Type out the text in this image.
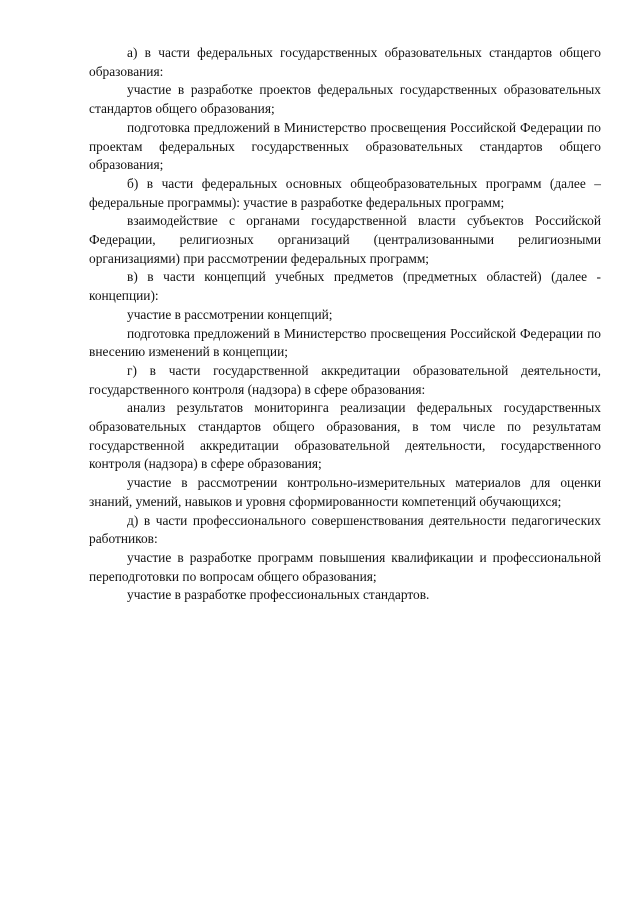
а) в части федеральных государственных образовательных стандартов общего образования:

участие в разработке проектов федеральных государственных образовательных стандартов общего образования;

подготовка предложений в Министерство просвещения Российской Федерации по проектам федеральных государственных образовательных стандартов общего образования;

б) в части федеральных основных общеобразовательных программ (далее – федеральные программы): участие в разработке федеральных программ;

взаимодействие с органами государственной власти субъектов Российской Федерации, религиозных организаций (централизованными религиозными организациями) при рассмотрении федеральных программ;

в) в части концепций учебных предметов (предметных областей) (далее - концепции):

участие в рассмотрении концепций;

подготовка предложений в Министерство просвещения Российской Федерации по внесению изменений в концепции;

г) в части государственной аккредитации образовательной деятельности, государственного контроля (надзора) в сфере образования:

анализ результатов мониторинга реализации федеральных государственных образовательных стандартов общего образования, в том числе по результатам государственной аккредитации образовательной деятельности, государственного контроля (надзора) в сфере образования;

участие в рассмотрении контрольно-измерительных материалов для оценки знаний, умений, навыков и уровня сформированности компетенций обучающихся;

д) в части профессионального совершенствования деятельности педагогических работников:

участие в разработке программ повышения квалификации и профессиональной переподготовки по вопросам общего образования;

участие в разработке профессиональных стандартов.
